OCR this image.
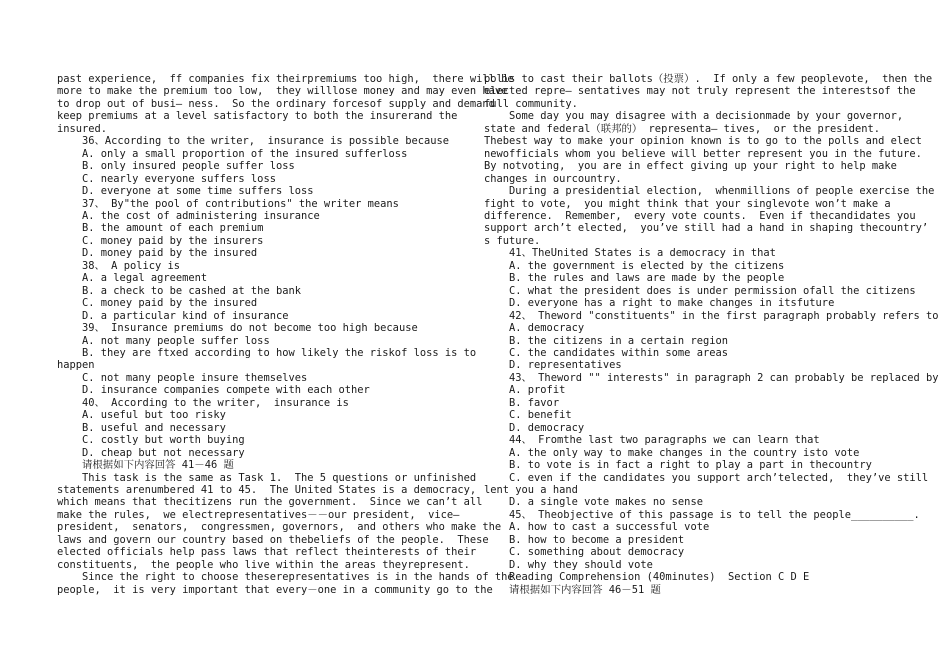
past experience,  ff companies fix theirpremiums too high,  there will be
more to make the premium too low,  they willlose money and may even have
to drop out of busi— ness.  So the ordinary forcesof supply and demand
keep premiums at a level satisfactory to both the insurerand the
insured.
36、According to the writer,  insurance is possible because
A. only a small proportion of the insured sufferloss
B. only insured people suffer loss
C. nearly everyone suffers loss
D. everyone at some time suffers loss
37、 By"the pool of contributions" the writer means
A. the cost of administering insurance
B. the amount of each premium
C. money paid by the insurers
D. money paid by the insured
38、 A policy is
A. a legal agreement
B. a check to be cashed at the bank
C. money paid by the insured
D. a particular kind of insurance
39、 Insurance premiums do not become too high because
A. not many people suffer loss
B. they are ftxed according to how likely the riskof loss is to
happen
C. not many people insure themselves
D. insurance companies compete with each other
40、 According to the writer,  insurance is
A. useful but too risky
B. useful and necessary
C. costly but worth buying
D. cheap but not necessary
请根据如下内容回答 41－46 题
This task is the same as Task 1.  The 5 questions or unfinished
statements arenumbered 41 to 45.  The United States is a democracy,
which means that thecitizens run the government.  Since we can’t all
make the rules,  we electrepresentatives－－our president,  vice—
president,  senators,  congressmen, governors,  and others who make the
laws and govern our country based on thebeliefs of the people.  These
elected officials help pass laws that reflect theinterests of their
constituents,  the people who live within the areas theyrepresent.
Since the right to choose theserepresentatives is in the hands of the
people,  it is very important that every－one in a community go to the
polls to cast their ballots（投票）.  If only a few peoplevote,  then the
elected repre— sentatives may not truly represent the interestsof the
full community.
Some day you may disagree with a decisionmade by your governor,
state and federal（联邦的） representa— tives,  or the president.
Thebest way to make your opinion known is to go to the polls and elect
newofficials whom you believe will better represent you in the future.
By notvoting,  you are in effect giving up your right to help make
changes in ourcountry.
During a presidential election,  whenmillions of people exercise the
fight to vote,  you might think that your singlevote won’t make a
difference.  Remember,  every vote counts.  Even if thecandidates you
support arch’t elected,  you’ve still had a hand in shaping thecountry’
s future.
41、TheUnited States is a democracy in that
A. the government is elected by the citizens
B. the rules and laws are made by the people
C. what the president does is under permission ofall the citizens
D. everyone has a right to make changes in itsfuture
42、 Theword "constituents" in the first paragraph probably refers to
A. democracy
B. the citizens in a certain region
C. the candidates within some areas
D. representatives
43、 Theword "" interests" in paragraph 2 can probably be replaced by
A. profit
B. favor
C. benefit
D. democracy
44、 Fromthe last two paragraphs we can learn that
A. the only way to make changes in the country isto vote
B. to vote is in fact a right to play a part in thecountry
C. even if the candidates you support arch’telected,  they’ve still
lent you a hand
D. a single vote makes no sense
45、 Theobjective of this passage is to tell the people__________.
A. how to cast a successful vote
B. how to become a president
C. something about democracy
D. why they should vote
Reading Comprehension (40minutes)  Section C D E
请根据如下内容回答 46－51 题
